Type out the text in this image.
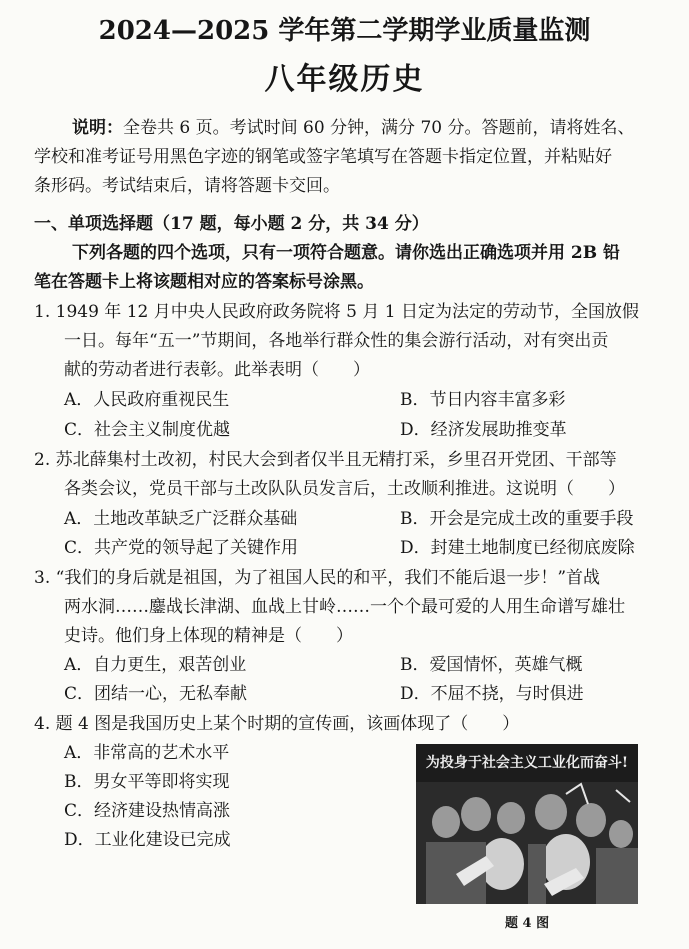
2024—2025 学年第二学期学业质量监测
八年级历史
说明：全卷共 6 页。考试时间 60 分钟，满分 70 分。答题前，请将姓名、
学校和准考证号用黑色字迹的钢笔或签字笔填写在答题卡指定位置，并粘贴好
条形码。考试结束后，请将答题卡交回。
一、单项选择题（17 题，每小题 2 分，共 34 分）
下列各题的四个选项，只有一项符合题意。请你选出正确选项并用 2B 铅
笔在答题卡上将该题相对应的答案标号涂黑。
1. 1949 年 12 月中央人民政府政务院将 5 月 1 日定为法定的劳动节，全国放假
一日。每年“五一”节期间，各地举行群众性的集会游行活动，对有突出贡
献的劳动者进行表彰。此举表明（　　）
A．人民政府重视民生	B．节日内容丰富多彩
C．社会主义制度优越	D．经济发展助推变革
2. 苏北薛集村土改初，村民大会到者仅半且无精打采，乡里召开党团、干部等
各类会议，党员干部与土改队队员发言后，土改顺利推进。这说明（　　）
A．土地改革缺乏广泛群众基础	B．开会是完成土改的重要手段
C．共产党的领导起了关键作用	D．封建土地制度已经彻底废除
3. “我们的身后就是祖国，为了祖国人民的和平，我们不能后退一步！”首战
两水洞……鏖战长津湖、血战上甘岭……一个个最可爱的人用生命谱写雄壮
史诗。他们身上体现的精神是（　　）
A．自力更生，艰苦创业	B．爱国情怀，英雄气概
C．团结一心，无私奉献	D．不屈不挠，与时俱进
4. 题 4 图是我国历史上某个时期的宣传画，该画体现了（　　）
A．非常高的艺术水平
B．男女平等即将实现
C．经济建设热情高涨
D．工业化建设已完成
为投身于社会主义工业化而奋斗!
题 4 图
